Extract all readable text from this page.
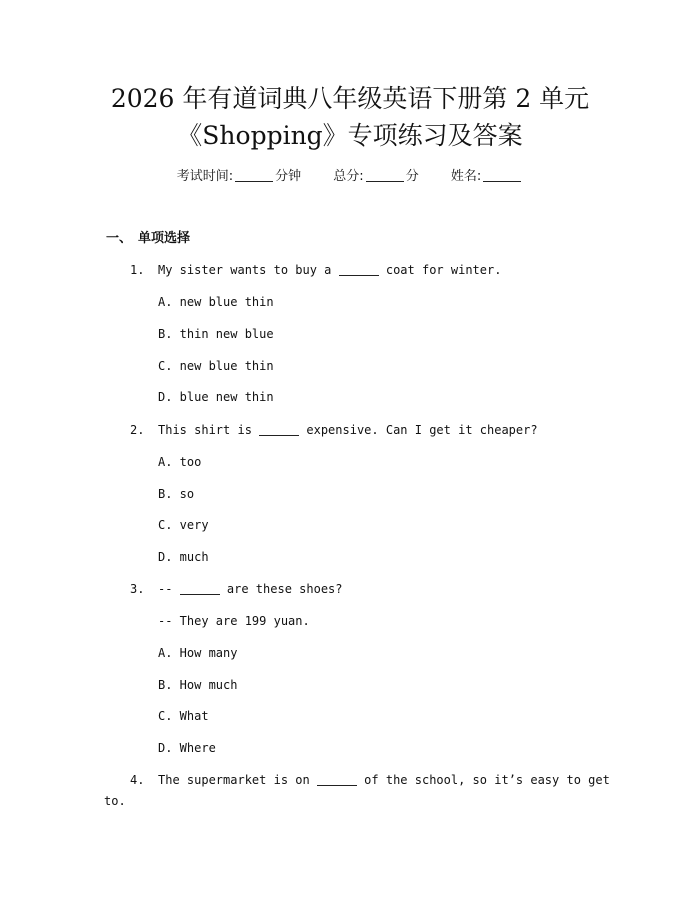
2026 年有道词典八年级英语下册第 2 单元
《Shopping》专项练习及答案
考试时间:	分钟 总分:	分 姓名:
一、 单项选择
1. My sister wants to buy a	coat for winter.
A. new blue thin
B. thin new blue
C. new blue thin
D. blue new thin
2. This shirt is	expensive. Can I get it cheaper?
A. too
B. so
C. very
D. much
3. --	are these shoes?
-- They are 199 yuan.
A. How many
B. How much
C. What
D. Where
4. The supermarket is on	of the school, so it’s easy to get
to.
